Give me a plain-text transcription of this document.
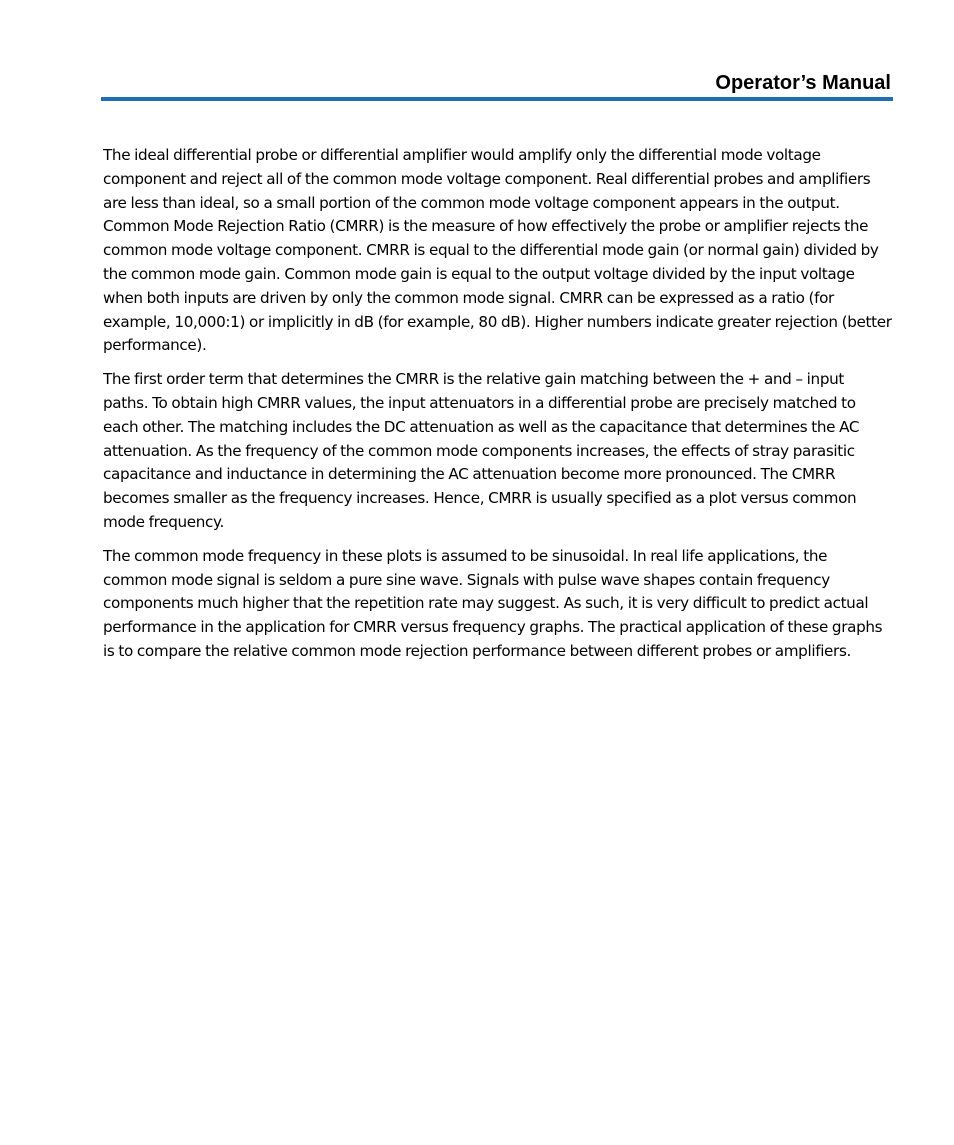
Operator’s Manual

The ideal differential probe or differential amplifier would amplify only the differential mode voltage component and reject all of the common mode voltage component. Real differential probes and amplifiers are less than ideal, so a small portion of the common mode voltage component appears in the output. Common Mode Rejection Ratio (CMRR) is the measure of how effectively the probe or amplifier rejects the common mode voltage component. CMRR is equal to the differential mode gain (or normal gain) divided by the common mode gain. Common mode gain is equal to the output voltage divided by the input voltage when both inputs are driven by only the common mode signal. CMRR can be expressed as a ratio (for example, 10,000:1) or implicitly in dB (for example, 80 dB). Higher numbers indicate greater rejection (better performance).

The first order term that determines the CMRR is the relative gain matching between the + and – input paths. To obtain high CMRR values, the input attenuators in a differential probe are precisely matched to each other. The matching includes the DC attenuation as well as the capacitance that determines the AC attenuation. As the frequency of the common mode components increases, the effects of stray parasitic capacitance and inductance in determining the AC attenuation become more pronounced. The CMRR becomes smaller as the frequency increases. Hence, CMRR is usually specified as a plot versus common mode frequency.

The common mode frequency in these plots is assumed to be sinusoidal. In real life applications, the common mode signal is seldom a pure sine wave. Signals with pulse wave shapes contain frequency components much higher that the repetition rate may suggest. As such, it is very difficult to predict actual performance in the application for CMRR versus frequency graphs. The practical application of these graphs is to compare the relative common mode rejection performance between different probes or amplifiers.
